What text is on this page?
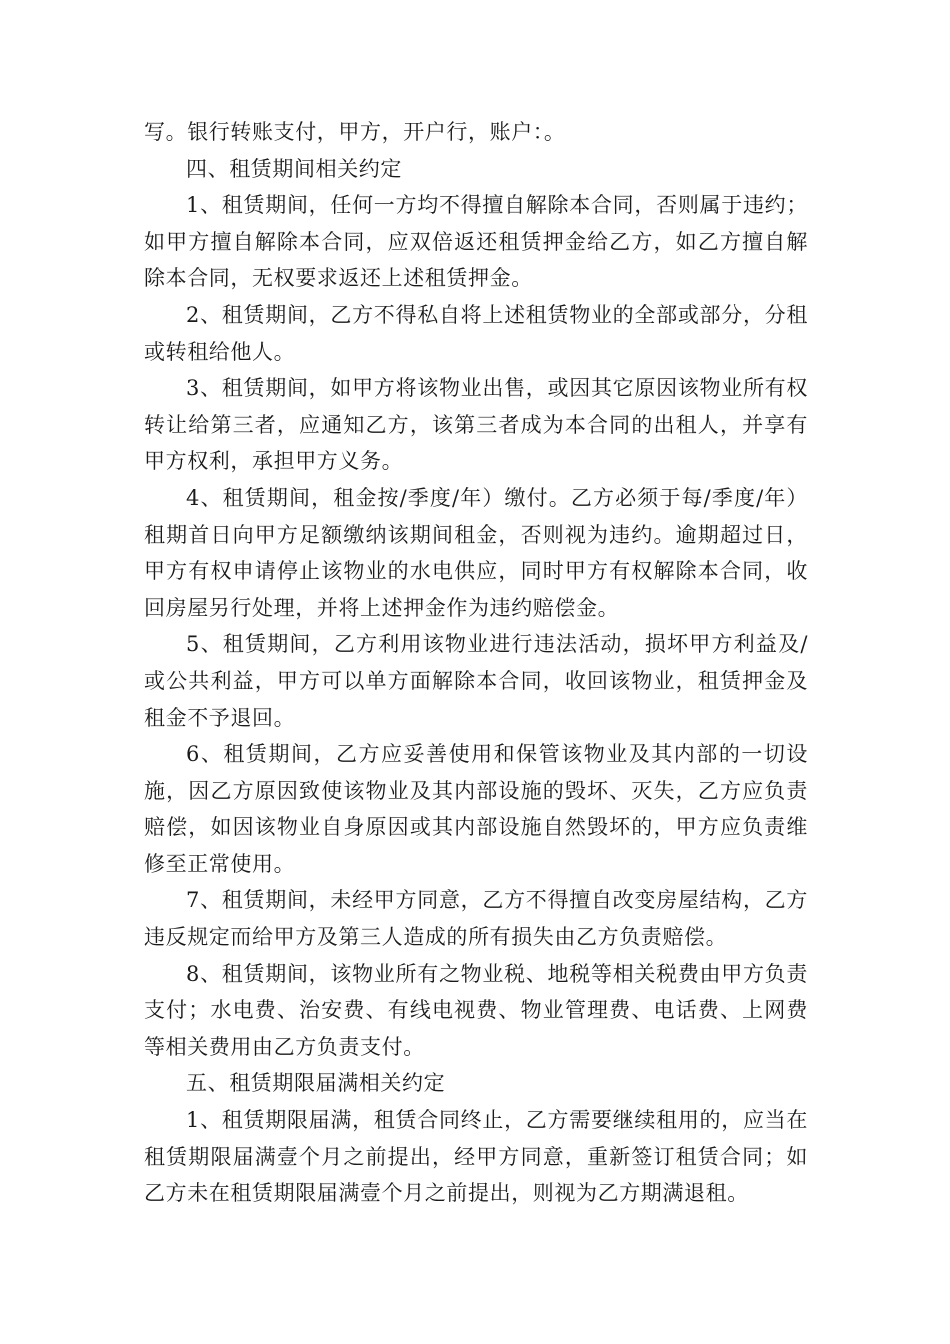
写。银行转账支付，甲方，开户行，账户：。

四、租赁期间相关约定

1、租赁期间，任何一方均不得擅自解除本合同，否则属于违约；如甲方擅自解除本合同，应双倍返还租赁押金给乙方，如乙方擅自解除本合同，无权要求返还上述租赁押金。

2、租赁期间，乙方不得私自将上述租赁物业的全部或部分，分租或转租给他人。

3、租赁期间，如甲方将该物业出售，或因其它原因该物业所有权转让给第三者，应通知乙方，该第三者成为本合同的出租人，并享有甲方权利，承担甲方义务。

4、租赁期间，租金按/季度/年）缴付。乙方必须于每/季度/年）租期首日向甲方足额缴纳该期间租金，否则视为违约。逾期超过日，甲方有权申请停止该物业的水电供应，同时甲方有权解除本合同，收回房屋另行处理，并将上述押金作为违约赔偿金。

5、租赁期间，乙方利用该物业进行违法活动，损坏甲方利益及/或公共利益，甲方可以单方面解除本合同，收回该物业，租赁押金及租金不予退回。

6、租赁期间，乙方应妥善使用和保管该物业及其内部的一切设施，因乙方原因致使该物业及其内部设施的毁坏、灭失，乙方应负责赔偿，如因该物业自身原因或其内部设施自然毁坏的，甲方应负责维修至正常使用。

7、租赁期间，未经甲方同意，乙方不得擅自改变房屋结构，乙方违反规定而给甲方及第三人造成的所有损失由乙方负责赔偿。

8、租赁期间，该物业所有之物业税、地税等相关税费由甲方负责支付；水电费、治安费、有线电视费、物业管理费、电话费、上网费等相关费用由乙方负责支付。

五、租赁期限届满相关约定

1、租赁期限届满，租赁合同终止，乙方需要继续租用的，应当在租赁期限届满壹个月之前提出，经甲方同意，重新签订租赁合同；如乙方未在租赁期限届满壹个月之前提出，则视为乙方期满退租。
